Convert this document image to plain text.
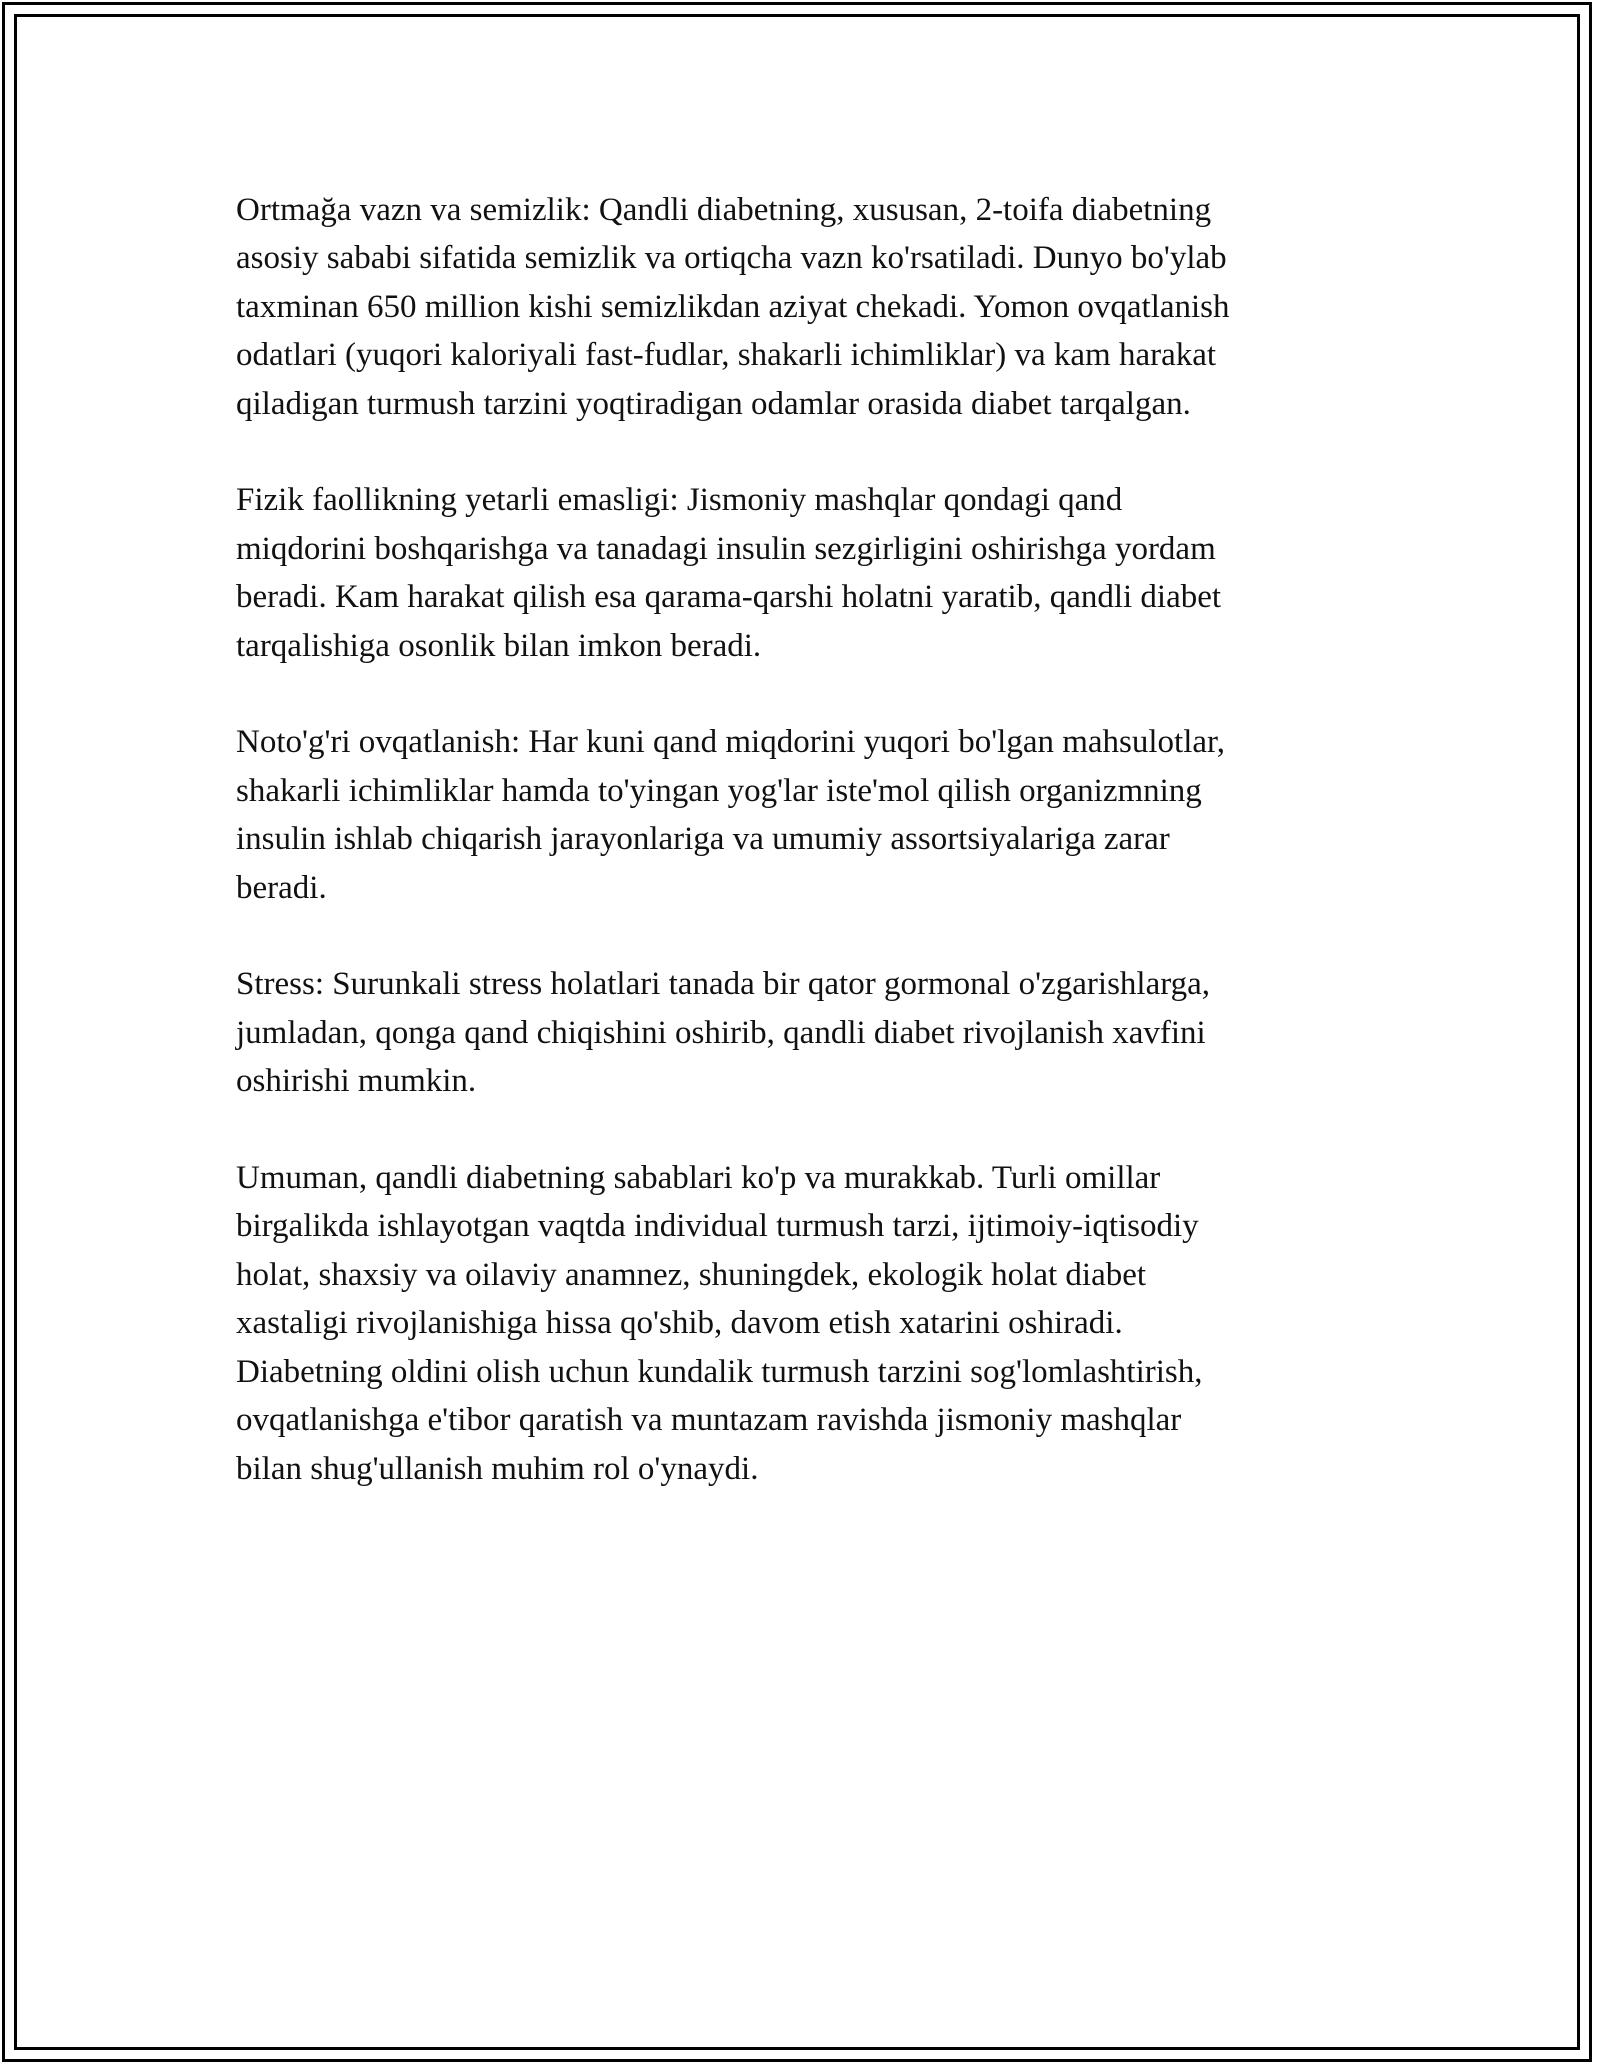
Ortmağa vazn va semizlik: Qandli diabetning, xususan, 2-toifa diabetning
asosiy sababi sifatida semizlik va ortiqcha vazn ko'rsatiladi. Dunyo bo'ylab
taxminan 650 million kishi semizlikdan aziyat chekadi. Yomon ovqatlanish
odatlari (yuqori kaloriyali fast-fudlar, shakarli ichimliklar) va kam harakat
qiladigan turmush tarzini yoqtiradigan odamlar orasida diabet tarqalgan.

Fizik faollikning yetarli emasligi: Jismoniy mashqlar qondagi qand
miqdorini boshqarishga va tanadagi insulin sezgirligini oshirishga yordam
beradi. Kam harakat qilish esa qarama-qarshi holatni yaratib, qandli diabet
tarqalishiga osonlik bilan imkon beradi.

Noto'g'ri ovqatlanish: Har kuni qand miqdorini yuqori bo'lgan mahsulotlar,
shakarli ichimliklar hamda to'yingan yog'lar iste'mol qilish organizmning
insulin ishlab chiqarish jarayonlariga va umumiy assortsiyalariga zarar
beradi.

Stress: Surunkali stress holatlari tanada bir qator gormonal o'zgarishlarga,
jumladan, qonga qand chiqishini oshirib, qandli diabet rivojlanish xavfini
oshirishi mumkin.

Umuman, qandli diabetning sabablari ko'p va murakkab. Turli omillar
birgalikda ishlayotgan vaqtda individual turmush tarzi, ijtimoiy-iqtisodiy
holat, shaxsiy va oilaviy anamnez, shuningdek, ekologik holat diabet
xastaligi rivojlanishiga hissa qo'shib, davom etish xatarini oshiradi.
Diabetning oldini olish uchun kundalik turmush tarzini sog'lomlashtirish,
ovqatlanishga e'tibor qaratish va muntazam ravishda jismoniy mashqlar
bilan shug'ullanish muhim rol o'ynaydi.
